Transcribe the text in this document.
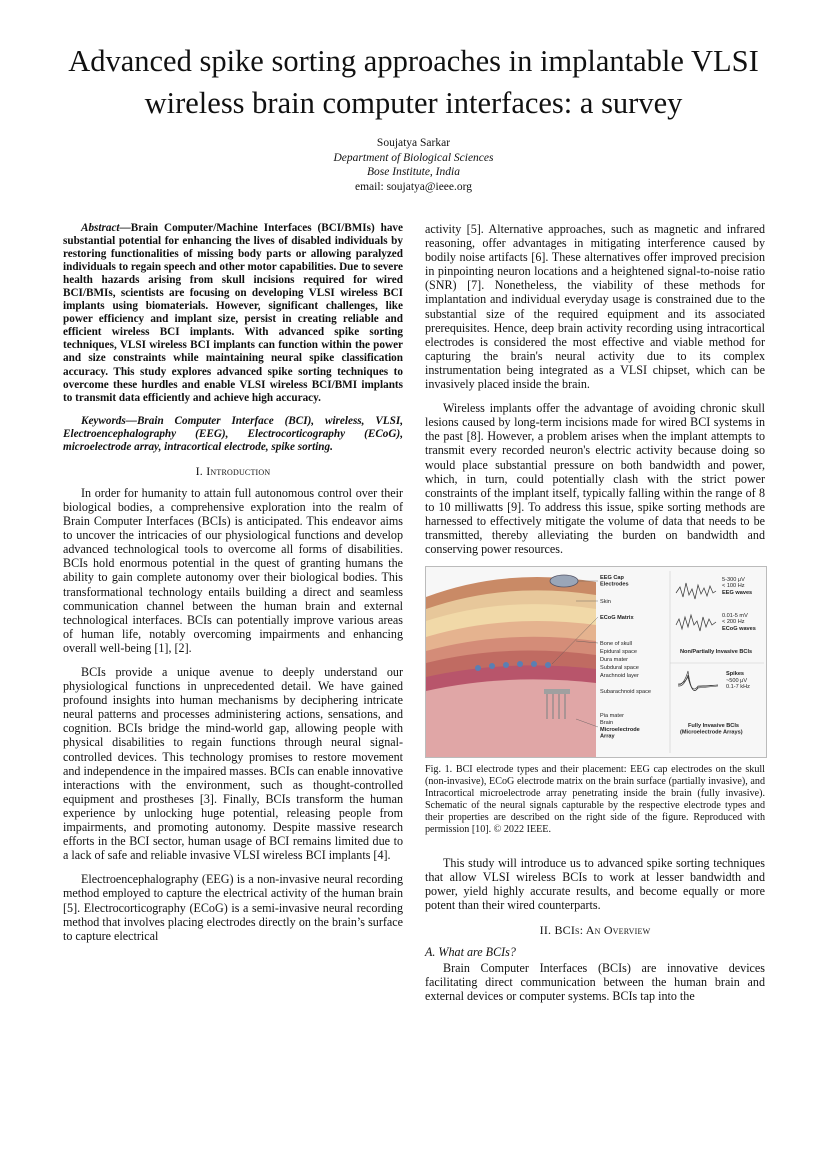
Advanced spike sorting approaches in implantable VLSI wireless brain computer interfaces: a survey
Soujatya Sarkar
Department of Biological Sciences
Bose Institute, India
email: soujatya@ieee.org

Abstract—Brain Computer/Machine Interfaces (BCI/BMIs) have substantial potential for enhancing the lives of disabled individuals by restoring functionalities of missing body parts or allowing paralyzed individuals to regain speech and other motor capabilities. Due to severe health hazards arising from skull incisions required for wired BCI/BMIs, scientists are focusing on developing VLSI wireless BCI implants using biomaterials. However, significant challenges, like power efficiency and implant size, persist in creating reliable and efficient wireless BCI implants. With advanced spike sorting techniques, VLSI wireless BCI implants can function within the power and size constraints while maintaining neural spike classification accuracy. This study explores advanced spike sorting techniques to overcome these hurdles and enable VLSI wireless BCI/BMI implants to transmit data efficiently and achieve high accuracy.

Keywords—Brain Computer Interface (BCI), wireless, VLSI, Electroencephalography (EEG), Electrocorticography (ECoG), microelectrode array, intracortical electrode, spike sorting.

I. Introduction

In order for humanity to attain full autonomous control over their biological bodies, a comprehensive exploration into the realm of Brain Computer Interfaces (BCIs) is anticipated. This endeavor aims to uncover the intricacies of our physiological functions and develop advanced technological tools to overcome all forms of disabilities. BCIs hold enormous potential in the quest of granting humans the ability to gain complete autonomy over their biological bodies. This transformational technology entails building a direct and seamless communication channel between the human brain and external technological interfaces. BCIs can potentially improve various areas of human life, notably overcoming impairments and enhancing overall well-being [1], [2].

BCIs provide a unique avenue to deeply understand our physiological functions in unprecedented detail. We have gained profound insights into human mechanisms by deciphering intricate neural patterns and processes administering actions, sensations, and cognition. BCIs bridge the mind-world gap, allowing people with physical disabilities to regain functions through neural signal-controlled devices. This technology promises to restore movement and independence in the impaired masses. BCIs can enable innovative interactions with the environment, such as thought-controlled equipment and prostheses [3]. Finally, BCIs transform the human experience by unlocking huge potential, releasing people from impairments, and promoting autonomy. Despite massive research efforts in the BCI sector, human usage of BCI remains limited due to a lack of safe and reliable invasive VLSI wireless BCI implants [4].

Electroencephalography (EEG) is a non-invasive neural recording method employed to capture the electrical activity of the human brain [5]. Electrocorticography (ECoG) is a semi-invasive neural recording method that involves placing electrodes directly on the brain’s surface to capture electrical

activity [5]. Alternative approaches, such as magnetic and infrared reasoning, offer advantages in mitigating interference caused by bodily noise artifacts [6]. These alternatives offer improved precision in pinpointing neuron locations and a heightened signal-to-noise ratio (SNR) [7]. Nonetheless, the viability of these methods for implantation and individual everyday usage is constrained due to the substantial size of the required equipment and its associated prerequisites. Hence, deep brain activity recording using intracortical electrodes is considered the most effective and viable method for capturing the brain's neural activity due to its complex instrumentation being integrated as a VLSI chipset, which can be invasively placed inside the brain.

Wireless implants offer the advantage of avoiding chronic skull lesions caused by long-term incisions made for wired BCI systems in the past [8]. However, a problem arises when the implant attempts to transmit every recorded neuron's electric activity because doing so would place substantial pressure on both bandwidth and power, which, in turn, could potentially clash with the strict power constraints of the implant itself, typically falling within the range of 8 to 10 milliwatts [9]. To address this issue, spike sorting methods are harnessed to effectively mitigate the volume of data that needs to be transmitted, thereby alleviating the burden on bandwidth and conserving power resources.

EEG Cap Electrodes
Skin
ECoG Matrix
Bone of skull
Epidural space
Dura mater
Subdural space
Arachnoid layer
Subarachnoid space
Pia mater
Brain
Microelectrode Array
5-300 μV
< 100 Hz
EEG waves
0.01-5 mV
< 200 Hz
ECoG waves
Non/Partially Invasive BCIs
Spikes
~500 μV
0.1-7 kHz
Fully Invasive BCIs (Microelectrode Arrays)

Fig. 1. BCI electrode types and their placement: EEG cap electrodes on the skull (non-invasive), ECoG electrode matrix on the brain surface (partially invasive), and Intracortical microelectrode array penetrating inside the brain (fully invasive). Schematic of the neural signals capturable by the respective electrode types and their properties are described on the right side of the figure. Reproduced with permission [10]. © 2022 IEEE.

This study will introduce us to advanced spike sorting techniques that allow VLSI wireless BCIs to work at lesser bandwidth and power, yield highly accurate results, and become equally or more potent than their wired counterparts.

II. BCIs: An Overview
A. What are BCIs?

Brain Computer Interfaces (BCIs) are innovative devices facilitating direct communication between the human brain and external devices or computer systems. BCIs tap into the
